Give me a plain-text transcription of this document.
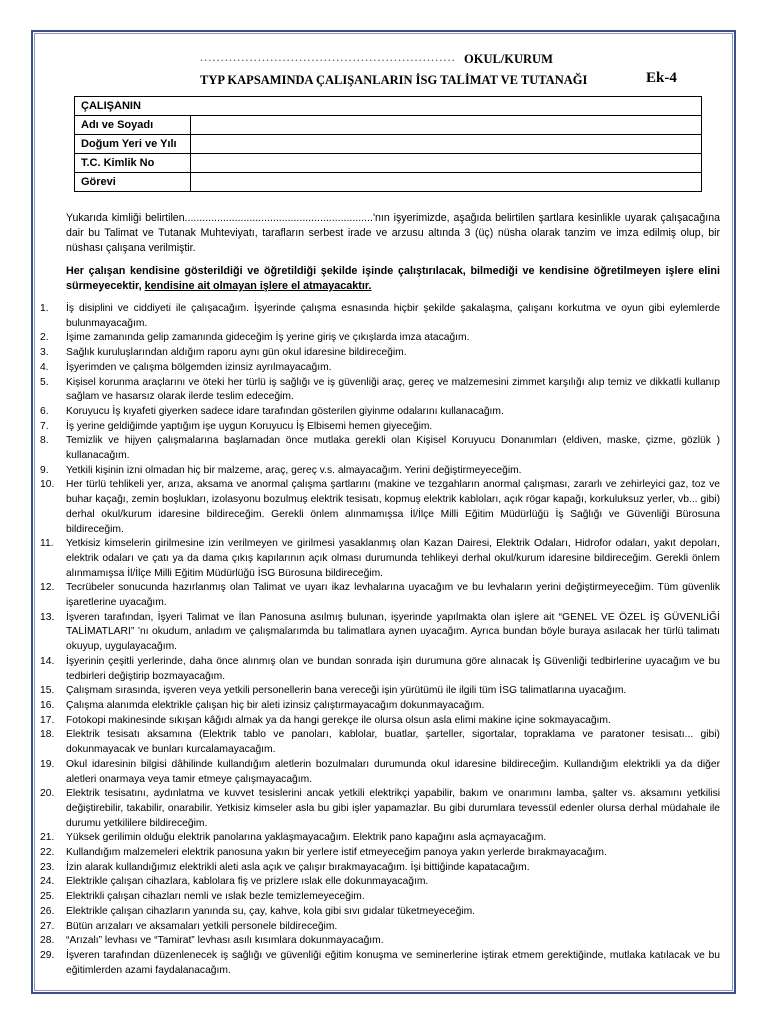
.............................................................. OKUL/KURUM
TYP KAPSAMINDA ÇALIŞANLARIN İSG TALİMAT VE TUTANAĞI	Ek-4
ÇALIŞANIN	
Adı ve Soyadı	
Doğum Yeri ve Yılı	
T.C. Kimlik No	
Görevi	
Yukarıda kimliği belirtilen................................................................'nın işyerimizde, aşağıda belirtilen şartlara kesinlikle uyarak çalışacağına dair bu Talimat ve Tutanak Muhteviyatı, tarafların serbest irade ve arzusu altında 3 (üç) nüsha olarak tanzim ve imza edilmiş olup, bir nüshası çalışana verilmiştir.
Her çalışan kendisine gösterildiği ve öğretildiği şekilde işinde çalıştırılacak, bilmediği ve kendisine öğretilmeyen işlere elini sürmeyecektir, kendisine ait olmayan işlere el atmayacaktır.
1. İş disiplini ve ciddiyeti ile çalışacağım. İşyerinde çalışma esnasında hiçbir şekilde şakalaşma, çalışanı korkutma ve oyun gibi eylemlerde bulunmayacağım.
2. İşime zamanında gelip zamanında gideceğim İş yerine giriş ve çıkışlarda imza atacağım.
3. Sağlık kuruluşlarından aldığım raporu aynı gün okul idaresine bildireceğim.
4. İşyerimden ve çalışma bölgemden izinsiz ayrılmayacağım.
5. Kişisel korunma araçlarını ve öteki her türlü iş sağlığı ve iş güvenliği araç, gereç ve malzemesini zimmet karşılığı alıp temiz ve dikkatli kullanıp sağlam ve hasarsız olarak ilerde teslim edeceğim.
6. Koruyucu İş kıyafeti giyerken sadece idare tarafından gösterilen giyinme odalarını kullanacağım.
7. İş yerine geldiğimde yaptığım işe uygun Koruyucu İş Elbisemi hemen giyeceğim.
8. Temizlik ve hijyen çalışmalarına başlamadan önce mutlaka gerekli olan Kişisel Koruyucu Donanımları (eldiven, maske, çizme, gözlük ) kullanacağım.
9. Yetkili kişinin izni olmadan hiç bir malzeme, araç, gereç v.s. almayacağım. Yerini değiştirmeyeceğim.
10. Her türlü tehlikeli yer, arıza, aksama ve anormal çalışma şartlarını (makine ve tezgahların anormal çalışması, zararlı ve zehirleyici gaz, toz ve buhar kaçağı, zemin boşlukları, izolasyonu bozulmuş elektrik tesisatı, kopmuş elektrik kabloları, açık rögar kapağı, korkuluksuz yerler, vb... gibi) derhal okul/kurum idaresine bildireceğim. Gerekli önlem alınmamışsa İl/İlçe Milli Eğitim Müdürlüğü İş Sağlığı ve Güvenliği Bürosuna bildireceğim.
11. Yetkisiz kimselerin girilmesine izin verilmeyen ve girilmesi yasaklanmış olan Kazan Dairesi, Elektrik Odaları, Hidrofor odaları, yakıt depoları, elektrik odaları ve çatı ya da dama çıkış kapılarının açık olması durumunda tehlikeyi derhal okul/kurum idaresine bildireceğim. Gerekli önlem alınmamışsa İl/İlçe Milli Eğitim Müdürlüğü İSG Bürosuna bildireceğim.
12. Tecrübeler sonucunda hazırlanmış olan Talimat ve uyarı ikaz levhalarına uyacağım ve bu levhaların yerini değiştirmeyeceğim. Tüm güvenlik işaretlerine uyacağım.
13. İşveren tarafından, İşyeri Talimat ve İlan Panosuna asılmış bulunan, işyerinde yapılmakta olan işlere ait “GENEL VE ÖZEL İŞ GÜVENLİĞİ TALİMATLARI” ’nı okudum, anladım ve çalışmalarımda bu talimatlara aynen uyacağım. Ayrıca bundan böyle buraya asılacak her türlü talimatı okuyup, uygulayacağım.
14. İşyerinin çeşitli yerlerinde, daha önce alınmış olan ve bundan sonrada işin durumuna göre alınacak İş Güvenliği tedbirlerine uyacağım ve bu tedbirleri değiştirip bozmayacağım.
15. Çalışmam sırasında, işveren veya yetkili personellerin bana vereceği işin yürütümü ile ilgili tüm İSG talimatlarına uyacağım.
16. Çalışma alanımda elektrikle çalışan hiç bir aleti izinsiz çalıştırmayacağım dokunmayacağım.
17. Fotokopi makinesinde sıkışan kâğıdı almak ya da hangi gerekçe ile olursa olsun asla elimi makine içine sokmayacağım.
18. Elektrik tesisatı aksamına (Elektrik tablo ve panoları, kablolar, buatlar, şarteller, sigortalar, topraklama ve paratoner tesisatı... gibi) dokunmayacak ve bunları kurcalamayacağım.
19. Okul idaresinin bilgisi dâhilinde kullandığım aletlerin bozulmaları durumunda okul idaresine bildireceğim. Kullandığım elektrikli ya da diğer aletleri onarmaya veya tamir etmeye çalışmayacağım.
20. Elektrik tesisatını, aydınlatma ve kuvvet tesislerini ancak yetkili elektrikçi yapabilir, bakım ve onarımını lamba, şalter vs. aksamını yetkilisi değiştirebilir, takabilir, onarabilir. Yetkisiz kimseler asla bu gibi işler yapamazlar. Bu gibi durumlara tevessül edenler olursa derhal müdahale ile durumu yetkililere bildireceğim.
21. Yüksek gerilimin olduğu elektrik panolarına yaklaşmayacağım. Elektrik pano kapağını asla açmayacağım.
22. Kullandığım malzemeleri elektrik panosuna yakın bir yerlere istif etmeyeceğim panoya yakın yerlerde bırakmayacağım.
23. İzin alarak kullandığımız elektrikli aleti asla açık ve çalışır bırakmayacağım. İşi bittiğinde kapatacağım.
24. Elektrikle çalışan cihazlara, kablolara fiş ve prizlere ıslak elle dokunmayacağım.
25. Elektrikli çalışan cihazları nemli ve ıslak bezle temizlemeyeceğim.
26. Elektrikle çalışan cihazların yanında su, çay, kahve, kola gibi sıvı gıdalar tüketmeyeceğim.
27. Bütün arızaları ve aksamaları yetkili personele bildireceğim.
28. “Arızalı” levhası ve “Tamirat” levhası asılı kısımlara dokunmayacağım.
29. İşveren tarafından düzenlenecek iş sağlığı ve güvenliği eğitim konuşma ve seminerlerine iştirak etmem gerektiğinde, mutlaka katılacak ve bu eğitimlerden azami faydalanacağım.
